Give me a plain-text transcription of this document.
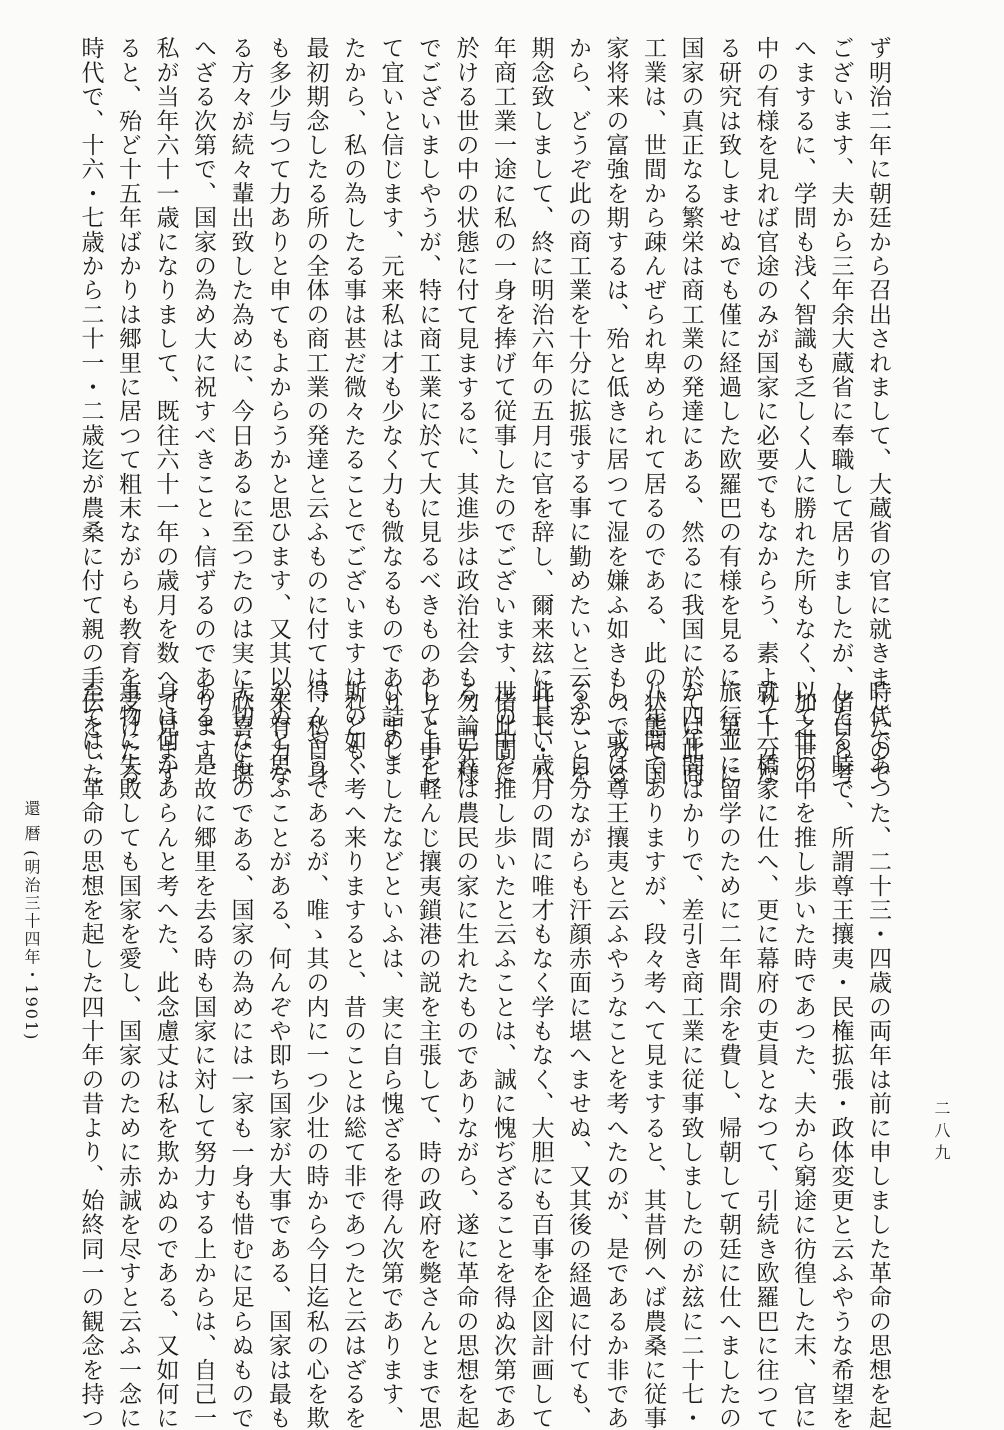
ず明治二年に朝廷から召出されまして、大蔵省の官に就きましたので
ございます、夫から三年余大蔵省に奉職して居りましたが、偖自ら考
へまするに、学問も浅く智識も乏しく人に勝れた所もなく、加之世の
中の有様を見れば官途のみが国家に必要でもなからう、素より十分な
る研究は致しませぬでも僅に経過した欧羅巴の有様を見るに、第一に
国家の真正なる繁栄は商工業の発達にある、然るに我国に於ては此商
工業は、世間から疎んぜられ卑められて居るのである、此の状態で国
家将来の富強を期するは、殆と低きに居つて湿を嫌ふ如きものである
から、どうぞ此の商工業を十分に拡張する事に勤めたいと云ふことを
期念致しまして、終に明治六年の五月に官を辞し、爾来玆に廿七・八
年商工業一途に私の一身を捧げて従事したのでございます、偖此間に
於ける世の中の状態に付て見まするに、其進歩は政治社会も勿論左様
でございましやうが、特に商工業に於て大に見るべきものありと申し
て宜いと信じます、元来私は才も少なく力も微なるものでありまし
たから、私の為したる事は甚だ微々たることでございますけれども、
最初期念したる所の全体の商工業の発達と云ふものに付ては、私自身
も多少与つて力ありと申てもよからうかと思ひます、又其以来有力な
る方々が続々輩出致した為めに、今日あるに至つたのは実に欣喜に堪
へざる次第で、国家の為め大に祝すべきことゝ信ずるのであります、
私が当年六十一歳になりまして、既往六十一年の歳月を数へて見ます
ると、殆ど十五年ばかりは郷里に居つて粗末ながらも教育を受けたる
時代で、十六・七歳から二十一・二歳迄が農桑に付て親の手伝をした
時代であつた、二十三・四歳の両年は前に申しました革命の思想を起
したる時で、所謂尊王攘夷・民権拡張・政体変更と云ふやうな希望を
以て世の中を推し歩いた時であつた、夫から窮途に彷徨した末、官に
就て一橋家に仕へ、更に幕府の吏員となつて、引続き欧羅巴に往つて
旅行並に留学のために二年間余を費し、帰朝して朝廷に仕へましたの
が四年間ばかりで、差引き商工業に従事致しましたのが玆に二十七・
八年間でありますが、段々考へて見ますると、其昔例へば農桑に従事
し、或は尊王攘夷と云ふやうなことを考へたのが、是であるか非であ
るか、自分ながらも汗顔赤面に堪へませぬ、又其後の経過に付ても、
此長い歳月の間に唯才もなく学もなく、大胆にも百事を企図計画して
世の中を推し歩いたと云ふことは、誠に愧ぢざることを得ぬ次第であ
る、己れは農民の家に生れたものでありながら、遂に革命の思想を起
して上を軽んじ攘夷鎖港の説を主張して、時の政府を斃さんとまで思
ひ詰めましたなどといふは、実に自ら愧ざるを得ん次第であります、
斯の如く考へ来りますると、昔のことは総て非であつたと云はざるを
得んやうであるが、唯ゝ其の内に一つ少壮の時から今日迄私の心を欺
かぬと思ふことがある、何んぞや即ち国家が大事である、国家は最も
大切なものである、国家の為めには一家も一身も惜むに足らぬもので
ある、是故に郷里を去る時も国家に対して努力する上からは、自己一
身は何かあらんと考へた、此念慮丈は私を欺かぬのである、又如何に
事物に失敗しても国家を愛し、国家のために赤誠を尽すと云ふ一念に
至ては、革命の思想を起した四十年の昔より、始終同一の観念を持つ
還 暦 (明治三十四年・1901)
二八九
